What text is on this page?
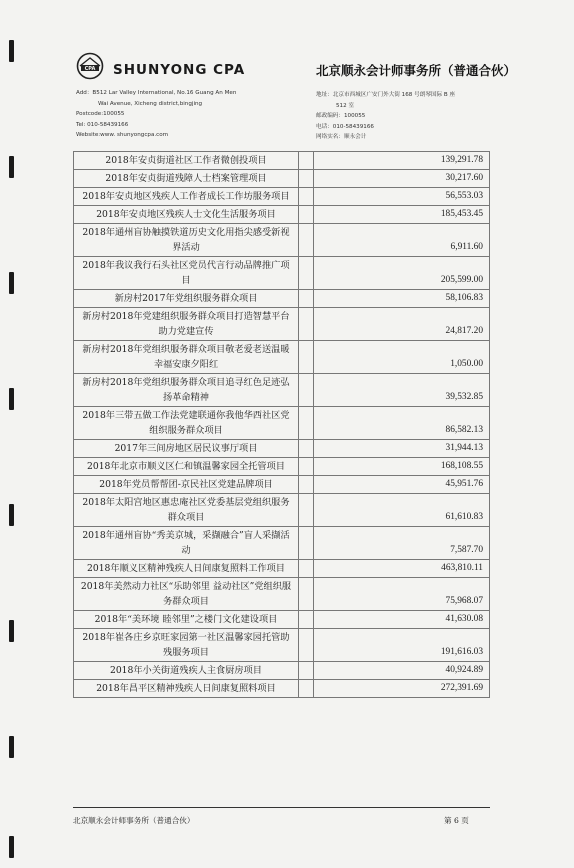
CPA SHUNYONG CPA	北京顺永会计师事务所（普通合伙）
Add：B512 Lar Valley International, No.16 Guang An Men
Wai Avenue, Xicheng district,bingjing
Postcode:100055
Tel: 010-58439166
Website:www. shunyongcpa.com
地址：北京市西城区广安门外大街 168 号朗琴国际 B 座
512 室
邮政编码：100055
电话：010-58439166
网络实名：顺永会计
2018年安贞街道社区工作者微创投项目		139,291.78
2018年安贞街道残障人士档案管理项目		30,217.60
2018年安贞地区残疾人工作者成长工作坊服务项目		56,553.03
2018年安贞地区残疾人士文化生活服务项目		185,453.45
2018年通州盲协触摸铁道历史文化用指尖感受新视界活动		6,911.60
2018年我议我行石头社区党员代言行动品牌推广项目		205,599.00
新房村2017年党组织服务群众项目		58,106.83
新房村2018年党建组织服务群众项目打造智慧平台助力党建宣传		24,817.20
新房村2018年党组织服务群众项目敬老爱老送温暖幸福安康夕阳红		1,050.00
新房村2018年党组织服务群众项目追寻红色足迹弘扬革命精神		39,532.85
2018年三带五做工作法党建联通你我他华西社区党组织服务群众项目		86,582.13
2017年三间房地区居民议事厅项目		31,944.13
2018年北京市顺义区仁和镇温馨家园全托管项目		168,108.55
2018年党员帮帮团-京民社区党建品牌项目		45,951.76
2018年太阳宫地区惠忠庵社区党委基层党组织服务群众项目		61,610.83
2018年通州盲协“秀美京城，采撷融合”盲人采撷活动		7,587.70
2018年顺义区精神残疾人日间康复照料工作项目		463,810.11
2018年美然动力社区“乐助邻里 益动社区”党组织服务群众项目		75,968.07
2018年“美环境 睦邻里”之楼门文化建设项目		41,630.08
2018年崔各庄乡京旺家园第一社区温馨家园托管助残服务项目		191,616.03
2018年小关街道残疾人主食厨房项目		40,924.89
2018年昌平区精神残疾人日间康复照料项目		272,391.69
北京顺永会计师事务所（普通合伙）	第 6 页
